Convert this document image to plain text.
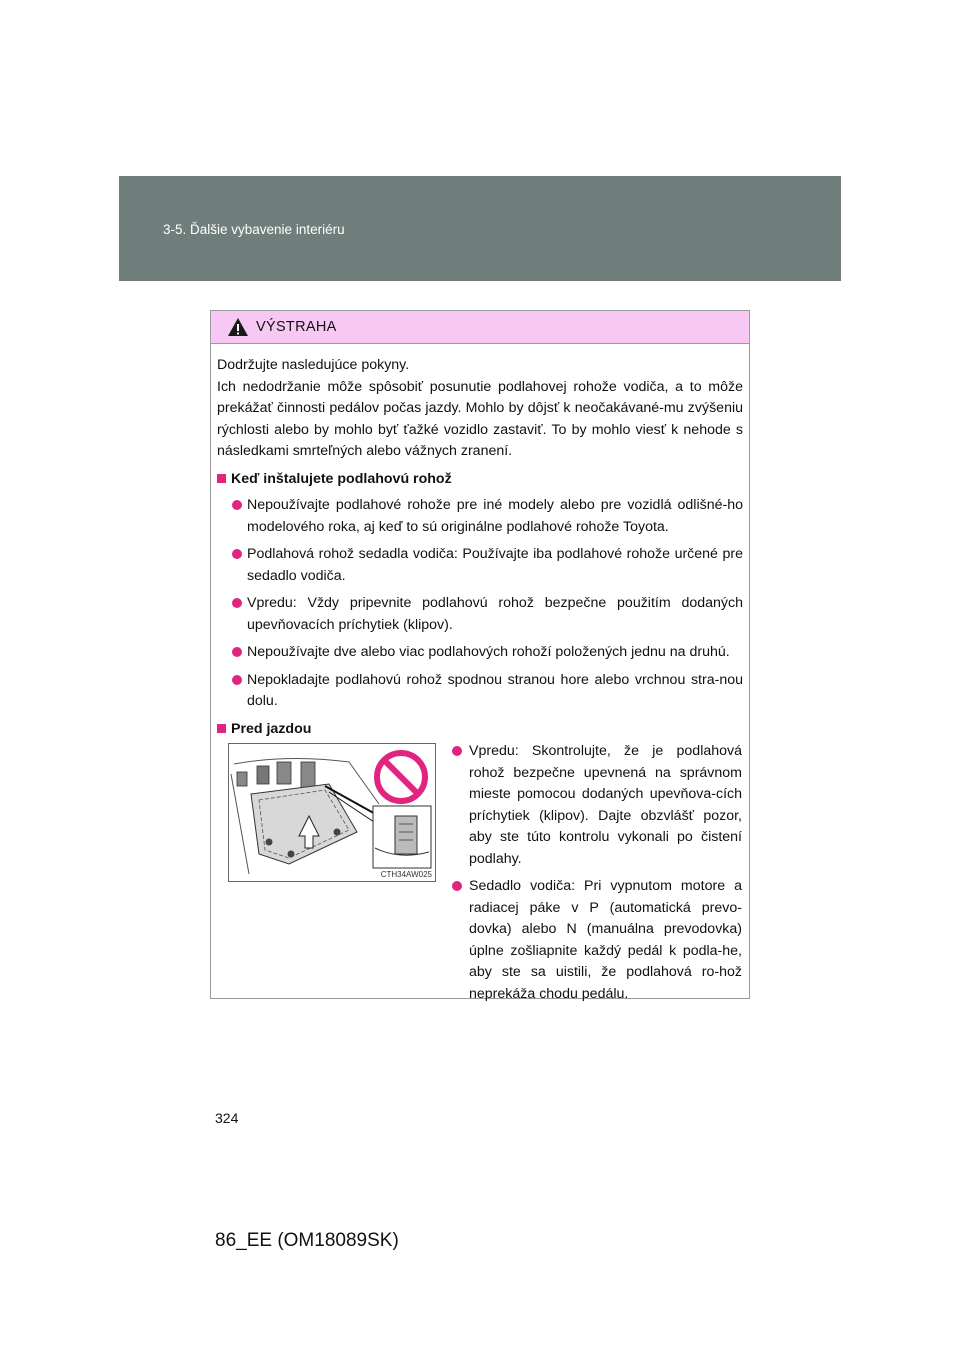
3-5. Ďalšie vybavenie interiéru
VÝSTRAHA

Dodržujte nasledujúce pokyny.

Ich nedodržanie môže spôsobiť posunutie podlahovej rohože vodiča, a to môže prekážať činnosti pedálov počas jazdy. Mohlo by dôjsť k neočakávané-mu zvýšeniu rýchlosti alebo by mohlo byť ťažké vozidlo zastaviť. To by mohlo viesť k nehode s následkami smrteľných alebo vážnych zranení.

Keď inštalujete podlahovú rohož

Nepoužívajte podlahové rohože pre iné modely alebo pre vozidlá odlišné-ho modelového roka, aj keď to sú originálne podlahové rohože Toyota.

Podlahová rohož sedadla vodiča: Používajte iba podlahové rohože určené pre sedadlo vodiča.

Vpredu: Vždy pripevnite podlahovú rohož bezpečne použitím dodaných upevňovacích príchytiek (klipov).

Nepoužívajte dve alebo viac podlahových rohoží položených jednu na druhú.

Nepokladajte podlahovú rohož spodnou stranou hore alebo vrchnou stra-nou dolu.

Pred jazdou

CTH34AW025

Vpredu: Skontrolujte, že je podlahová rohož bezpečne upevnená na správnom mieste pomocou dodaných upevňova-cích príchytiek (klipov). Dajte obzvlášť pozor, aby ste túto kontrolu vykonali po čistení podlahy.

Sedadlo vodiča: Pri vypnutom motore a radiacej páke v P (automatická prevo-dovka) alebo N (manuálna prevodovka) úplne zošliapnite každý pedál k podla-he, aby ste sa uistili, že podlahová ro-hož neprekáža chodu pedálu.

324
86_EE (OM18089SK)
